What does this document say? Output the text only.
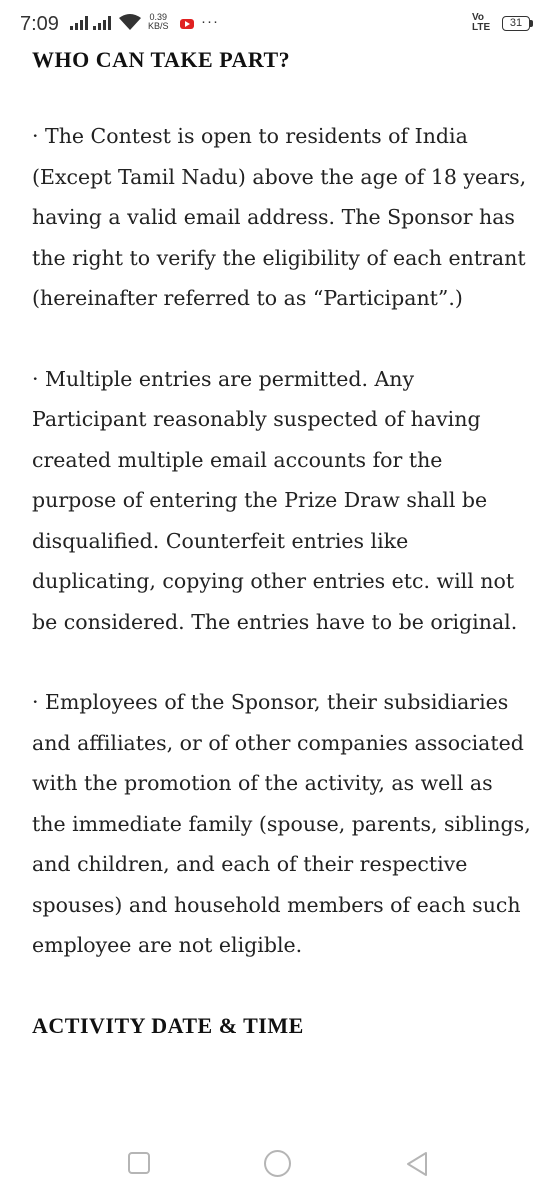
7:09	0.39
KB/S ···	Vo
LTE	31
WHO CAN TAKE PART?

· The Contest is open to residents of India (Except Tamil Nadu) above the age of 18 years, having a valid email address. The Sponsor has the right to verify the eligibility of each entrant (hereinafter referred to as “Participant”.)

· Multiple entries are permitted. Any Participant reasonably suspected of having created multiple email accounts for the purpose of entering the Prize Draw shall be disqualified. Counterfeit entries like duplicating, copying other entries etc. will not be considered. The entries have to be original.

· Employees of the Sponsor, their subsidiaries and affiliates, or of other companies associated with the promotion of the activity, as well as the immediate family (spouse, parents, siblings, and children, and each of their respective spouses) and household members of each such employee are not eligible.

ACTIVITY DATE & TIME
